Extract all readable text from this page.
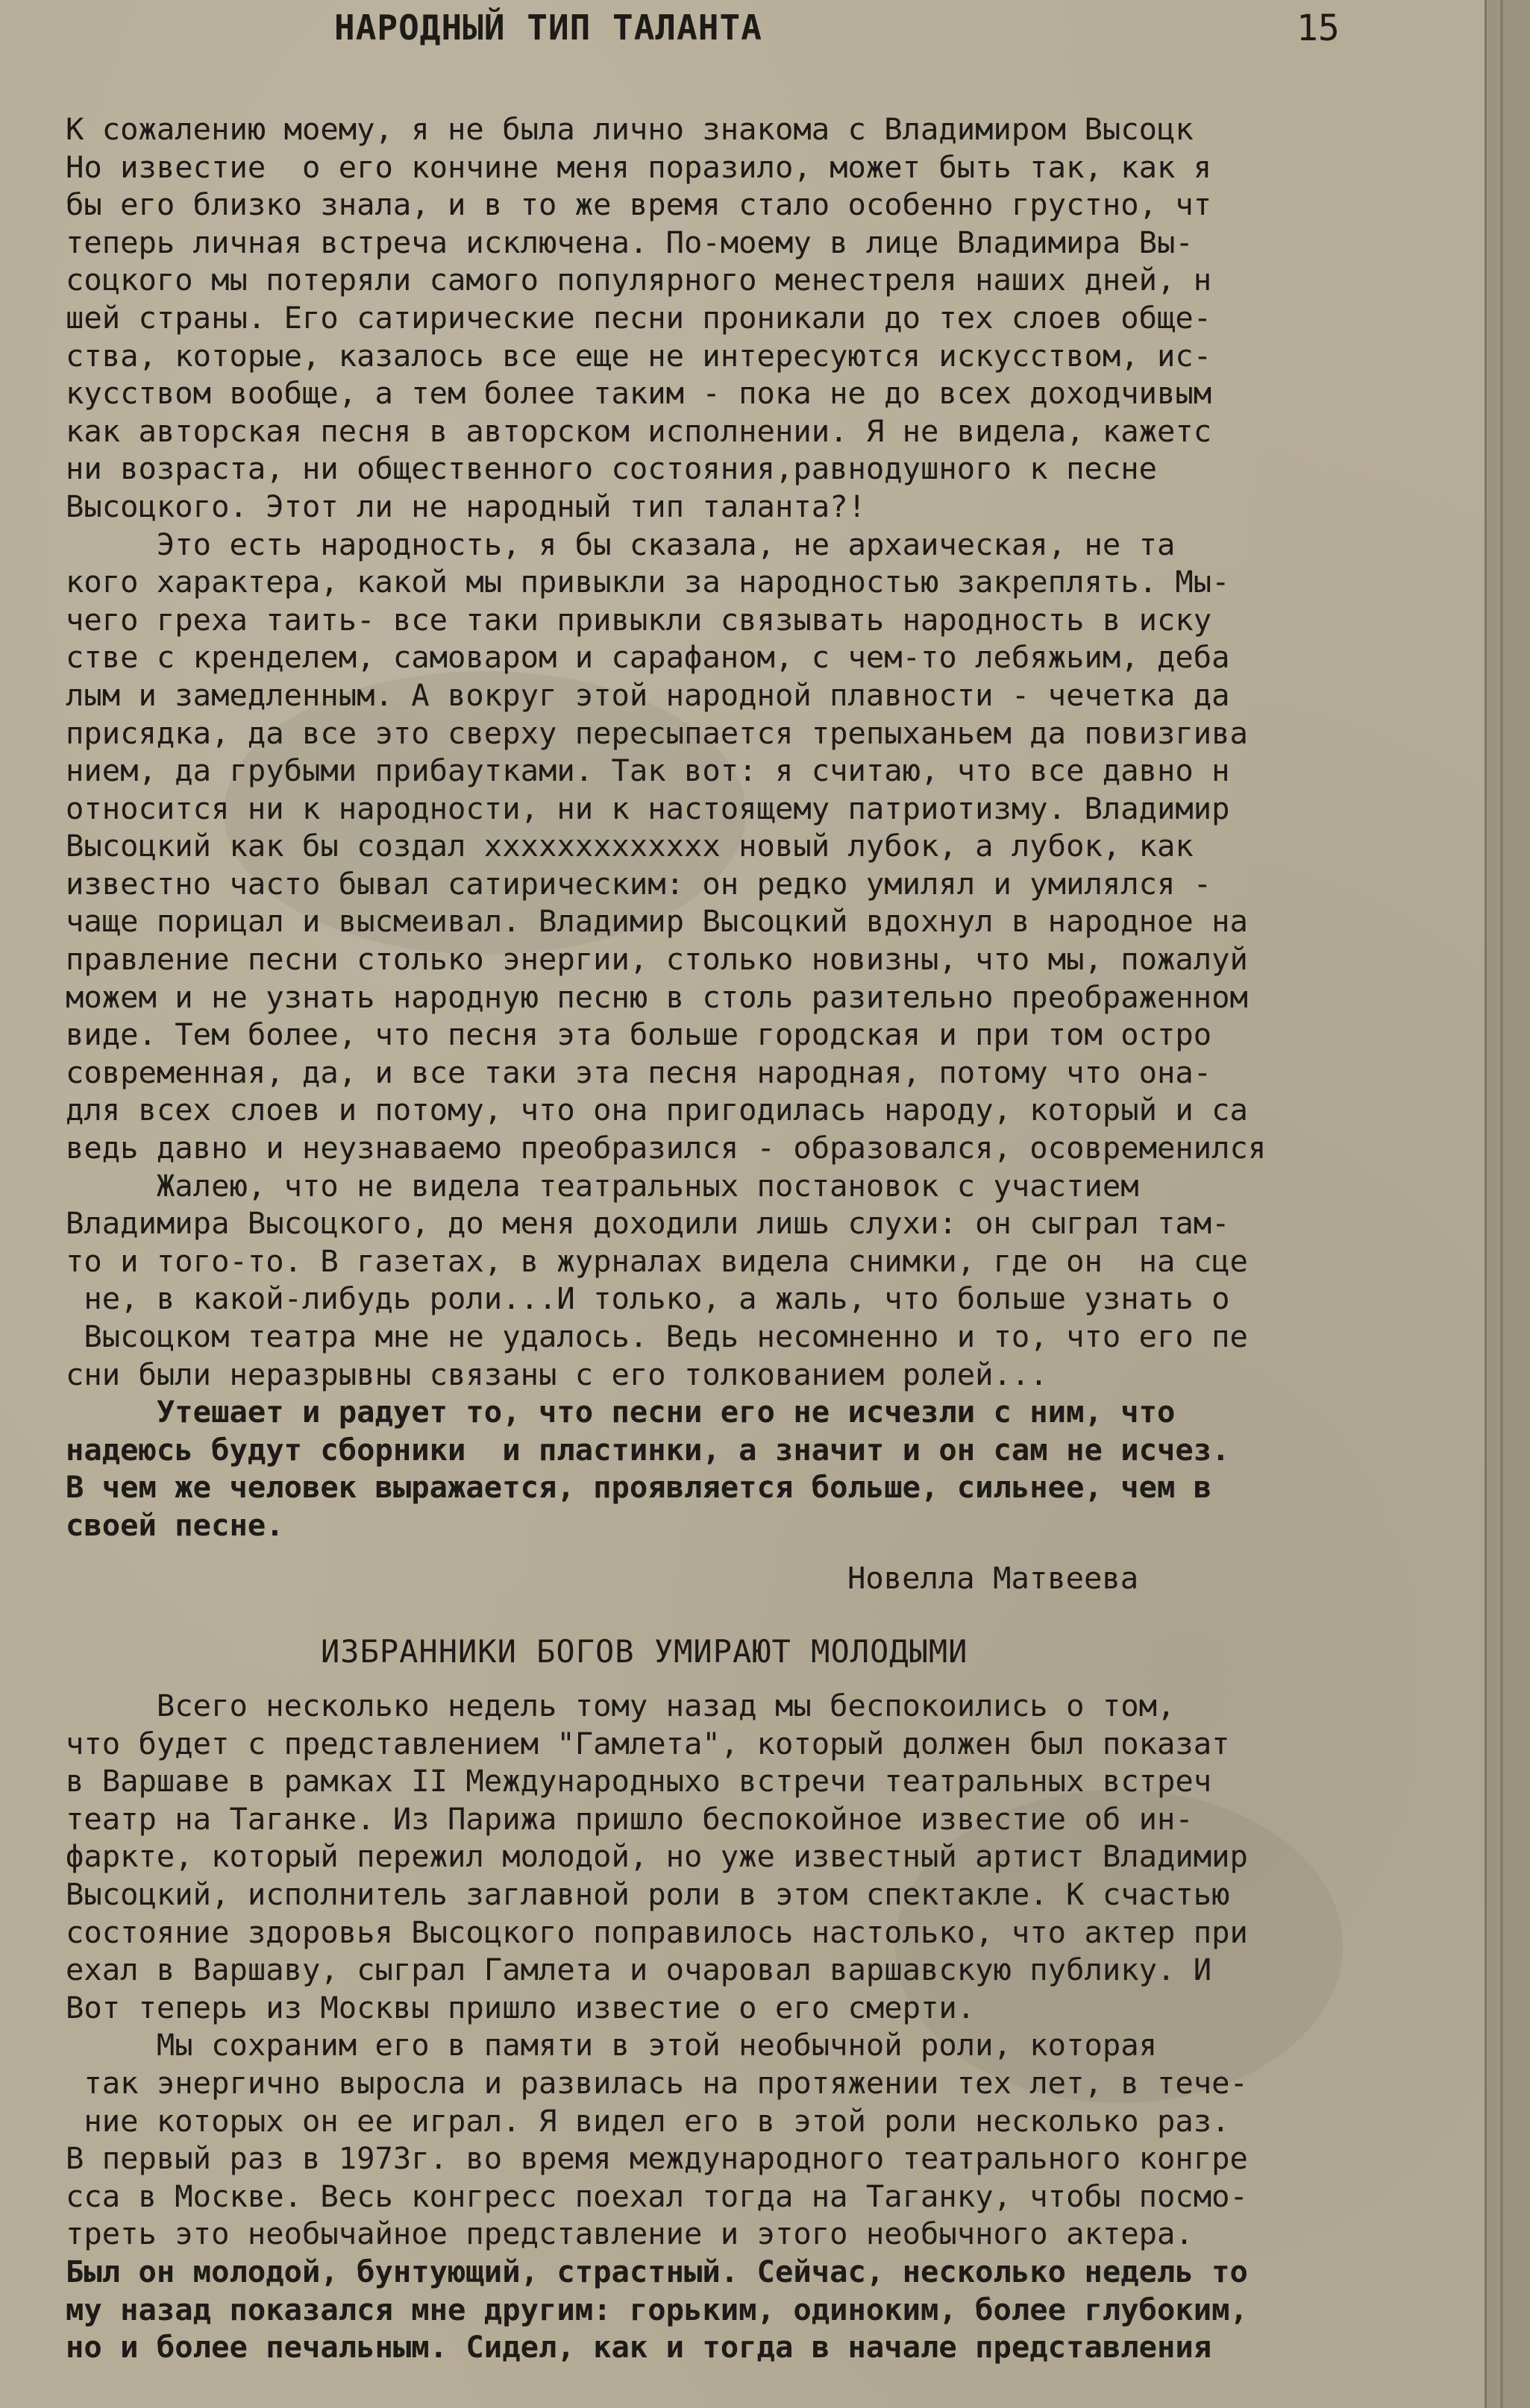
НАРОДНЫЙ ТИП ТАЛАНТА	15
К сожалению моему, я не была лично знакома с Владимиром Высоцк
Но известие  о его кончине меня поразило, может быть так, как я
бы его близко знала, и в то же время стало особенно грустно, чт
теперь личная встреча исключена. По-моему в лице Владимира Вы-
соцкого мы потеряли самого популярного менестреля наших дней, н
шей страны. Его сатирические песни проникали до тех слоев обще-
ства, которые, казалось все еще не интересуются искусством, ис-
кусством вообще, а тем более таким - пока не до всех доходчивым
как авторская песня в авторском исполнении. Я не видела, кажетс
ни возраста, ни общественного состояния,равнодушного к песне
Высоцкого. Этот ли не народный тип таланта?!
Это есть народность, я бы сказала, не архаическая, не та
кого характера, какой мы привыкли за народностью закреплять. Мы-
чего греха таить- все таки привыкли связывать народность в иску
стве с кренделем, самоваром и сарафаном, с чем-то лебяжьим, деба
лым и замедленным. А вокруг этой народной плавности - чечетка да
присядка, да все это сверху пересыпается трепыханьем да повизгива
нием, да грубыми прибаутками. Так вот: я считаю, что все давно н
относится ни к народности, ни к настоящему патриотизму. Владимир
Высоцкий как бы создал xxxxxxxxxxxxx новый лубок, а лубок, как
известно часто бывал сатирическим: он редко умилял и умилялся -
чаще порицал и высмеивал. Владимир Высоцкий вдохнул в народное на
правление песни столько энергии, столько новизны, что мы, пожалуй
можем и не узнать народную песню в столь разительно преображенном
виде. Тем более, что песня эта больше городская и при том остро
современная, да, и все таки эта песня народная, потому что она-
для всех слоев и потому, что она пригодилась народу, который и са
ведь давно и неузнаваемо преобразился - образовался, осовременился
Жалею, что не видела театральных постановок с участием
Владимира Высоцкого, до меня доходили лишь слухи: он сыграл там-
то и того-то. В газетах, в журналах видела снимки, где он  на сце
не, в какой-либудь роли...И только, а жаль, что больше узнать о
Высоцком театра мне не удалось. Ведь несомненно и то, что его пе
сни были неразрывны связаны с его толкованием ролей...
Утешает и радует то, что песни его не исчезли с ним, что
надеюсь будут сборники  и пластинки, а значит и он сам не исчез.
В чем же человек выражается, проявляется больше, сильнее, чем в
своей песне.
Новелла Матвеева
ИЗБРАННИКИ БОГОВ УМИРАЮТ МОЛОДЫМИ
Всего несколько недель тому назад мы беспокоились о том,
что будет с представлением "Гамлета", который должен был показат
в Варшаве в рамках II Международныхо встречи театральных встреч
театр на Таганке. Из Парижа пришло беспокойное известие об ин-
фаркте, который пережил молодой, но уже известный артист Владимир
Высоцкий, исполнитель заглавной роли в этом спектакле. К счастью
состояние здоровья Высоцкого поправилось настолько, что актер при
ехал в Варшаву, сыграл Гамлета и очаровал варшавскую публику. И
Вот теперь из Москвы пришло известие о его смерти.
Мы сохраним его в памяти в этой необычной роли, которая
так энергично выросла и развилась на протяжении тех лет, в тече-
ние которых он ее играл. Я видел его в этой роли несколько раз.
В первый раз в 1973г. во время международного театрального конгре
сса в Москве. Весь конгресс поехал тогда на Таганку, чтобы посмо-
треть это необычайное представление и этого необычного актера.
Был он молодой, бунтующий, страстный. Сейчас, несколько недель то
му назад показался мне другим: горьким, одиноким, более глубоким,
но и более печальным. Сидел, как и тогда в начале представления
